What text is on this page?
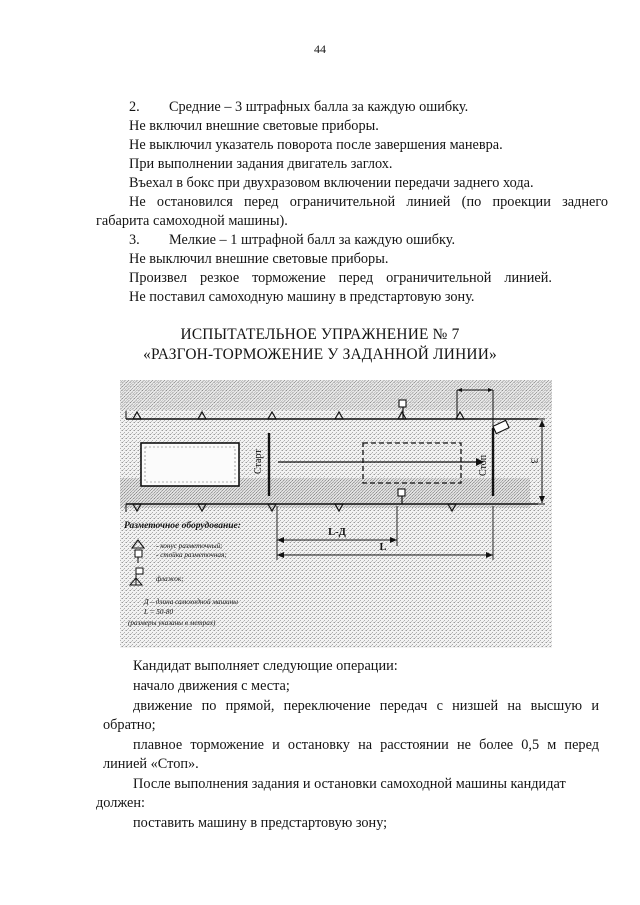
44
2. Средние – 3 штрафных балла за каждую ошибку.
Не включил внешние световые приборы.
Не выключил указатель поворота после завершения маневра.
При выполнении задания двигатель заглох.
Въехал в бокс при двухразовом включении передачи заднего хода.
Не остановился перед ограничительной линией (по проекции заднего
габарита самоходной машины).
3. Мелкие – 1 штрафной балл за каждую ошибку.
Не выключил внешние световые приборы.
Произвел резкое торможение перед ограничительной линией.
Не поставил самоходную машину в предстартовую зону.
ИСПЫТАТЕЛЬНОЕ УПРАЖНЕНИЕ № 7
«РАЗГОН-ТОРМОЖЕНИЕ У ЗАДАННОЙ ЛИНИИ»
Старт	Стоп	3
L-Д
L
Разметочное оборудование:
- конус разметочный;
- стойка разметочная;
флажок;
Д – длина самоходной машины
L = 50-80
(размеры указаны в метрах)
Кандидат выполняет следующие операции:
начало движения с места;
движение по прямой, переключение передач с низшей на высшую и
обратно;
плавное торможение и остановку на расстоянии не более 0,5 м перед
линией «Стоп».
После выполнения задания и остановки самоходной машины кандидат
должен:
поставить машину в предстартовую зону;
